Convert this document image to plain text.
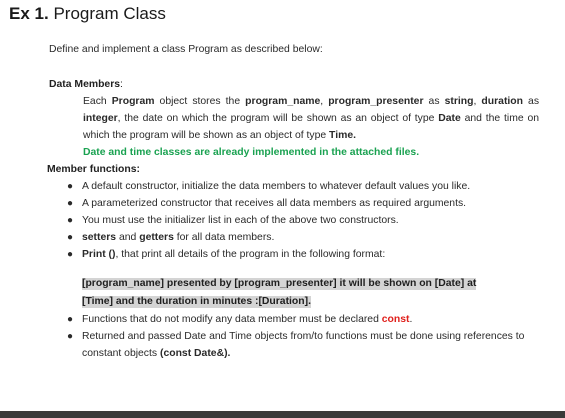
Ex 1. Program Class

Define and implement a class Program as described below:

Data Members:

Each Program object stores the program_name, program_presenter as string, duration as integer, the date on which the program will be shown as an object of type Date and the time on which the program will be shown as an object of type Time.

Date and time classes are already implemented in the attached files.

Member functions:

● A default constructor, initialize the data members to whatever default values you like.
● A parameterized constructor that receives all data members as required arguments.
● You must use the initializer list in each of the above two constructors.
● setters and getters for all data members.
● Print (), that print all details of the program in the following format:
[program_name] presented by [program_presenter] it will be shown on [Date] at
[Time] and the duration in minutes :[Duration].
● Functions that do not modify any data member must be declared const.
● Returned and passed Date and Time objects from/to functions must be done using references to constant objects (const Date&).
